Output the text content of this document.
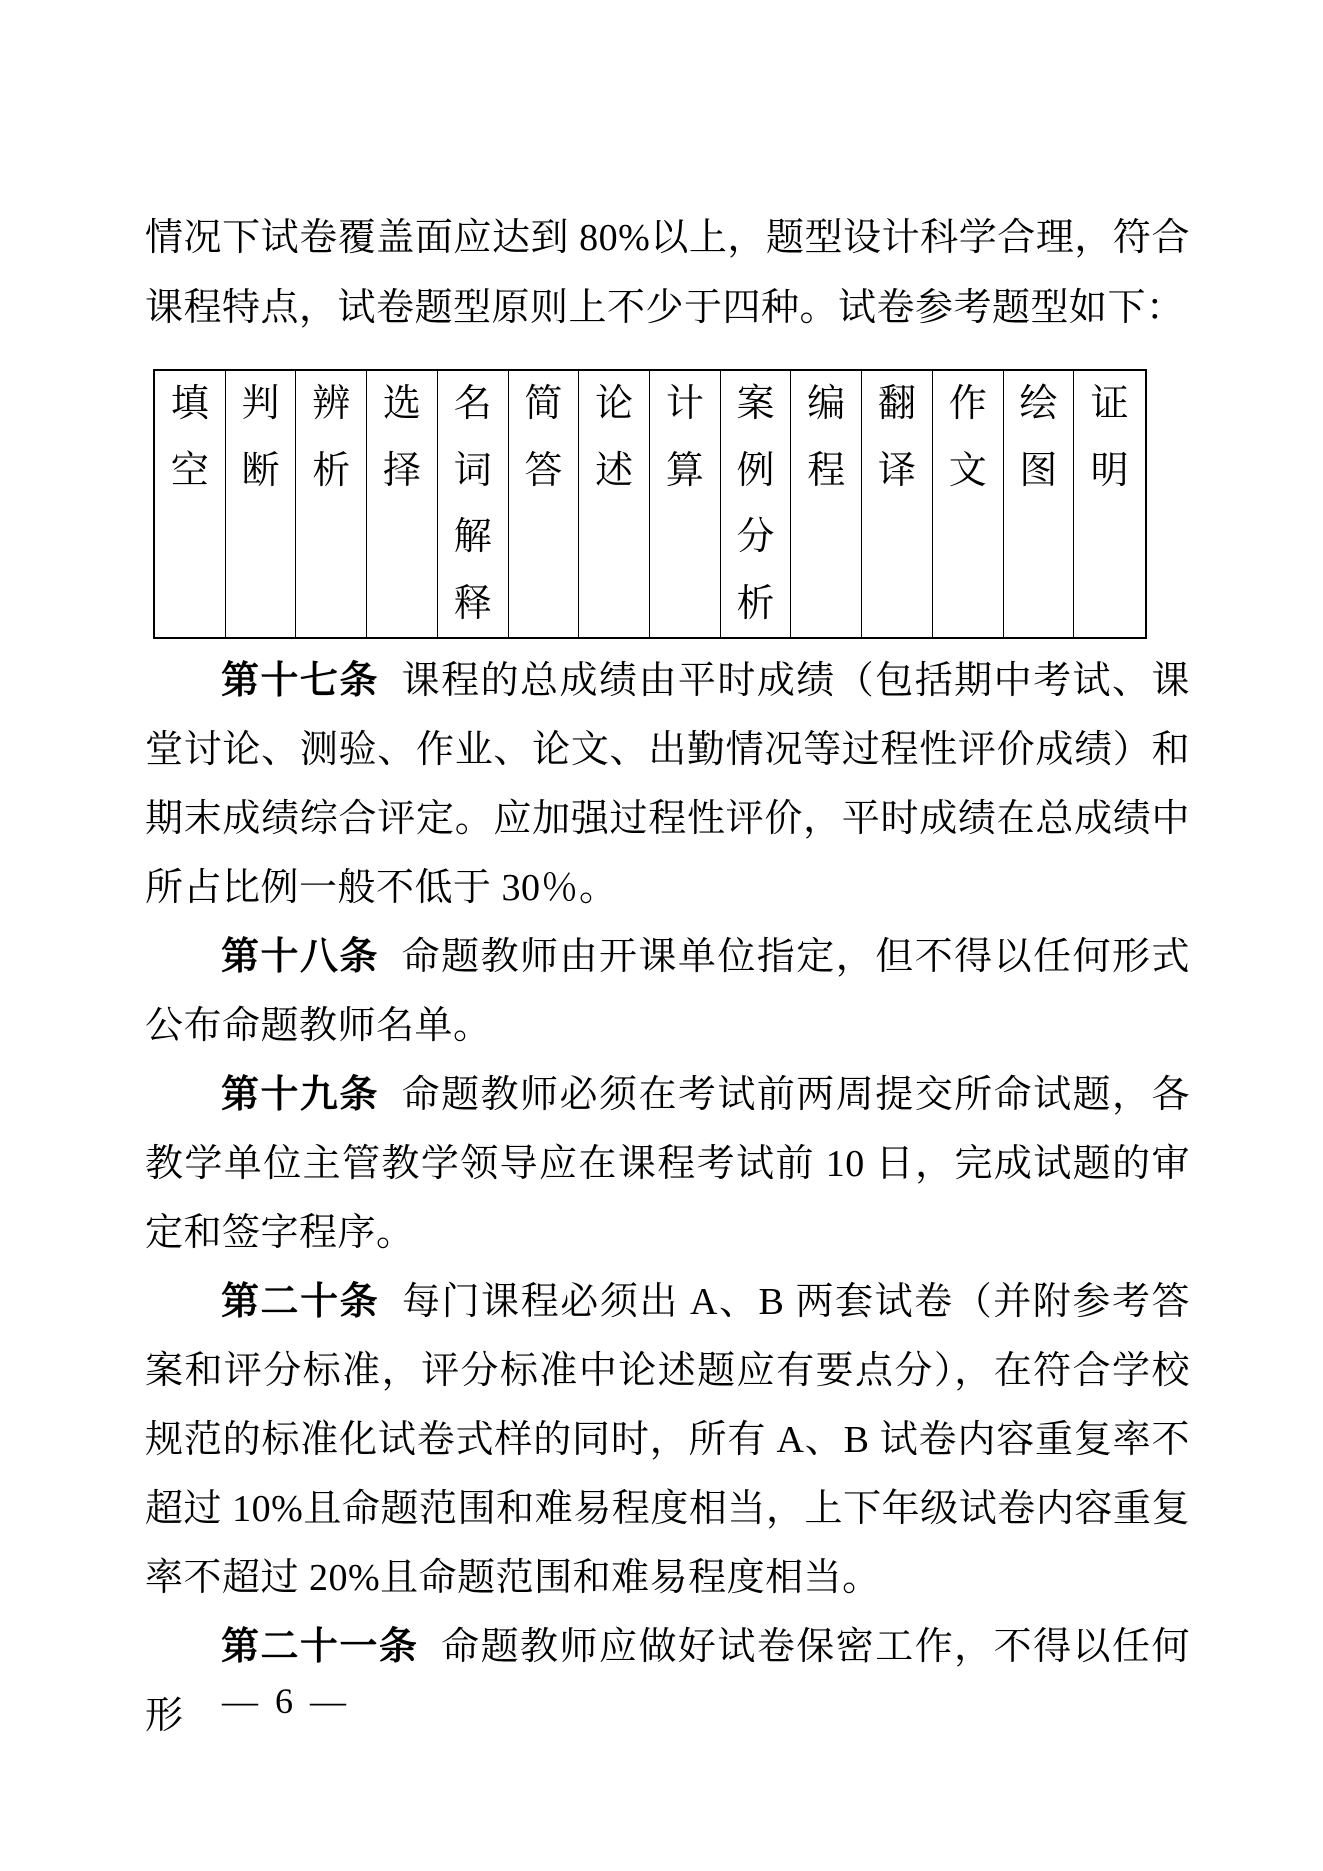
情况下试卷覆盖面应达到 80%以上，题型设计科学合理，符合课程特点，试卷题型原则上不少于四种。试卷参考题型如下：

填
空
判
断
辨
析
选
择
名
词
解
释
简
答
论
述
计
算
案
例
分
析
编
程
翻
译
作
文
绘
图
证
明

第十七条 课程的总成绩由平时成绩（包括期中考试、课堂讨论、测验、作业、论文、出勤情况等过程性评价成绩）和期末成绩综合评定。应加强过程性评价，平时成绩在总成绩中所占比例一般不低于 30％。

第十八条 命题教师由开课单位指定，但不得以任何形式公布命题教师名单。

第十九条 命题教师必须在考试前两周提交所命试题，各教学单位主管教学领导应在课程考试前 10 日，完成试题的审定和签字程序。

第二十条 每门课程必须出 A、B 两套试卷（并附参考答案和评分标准，评分标准中论述题应有要点分），在符合学校规范的标准化试卷式样的同时，所有 A、B 试卷内容重复率不超过 10%且命题范围和难易程度相当，上下年级试卷内容重复率不超过 20%且命题范围和难易程度相当。

第二十一条 命题教师应做好试卷保密工作，不得以任何形	— 6 —
